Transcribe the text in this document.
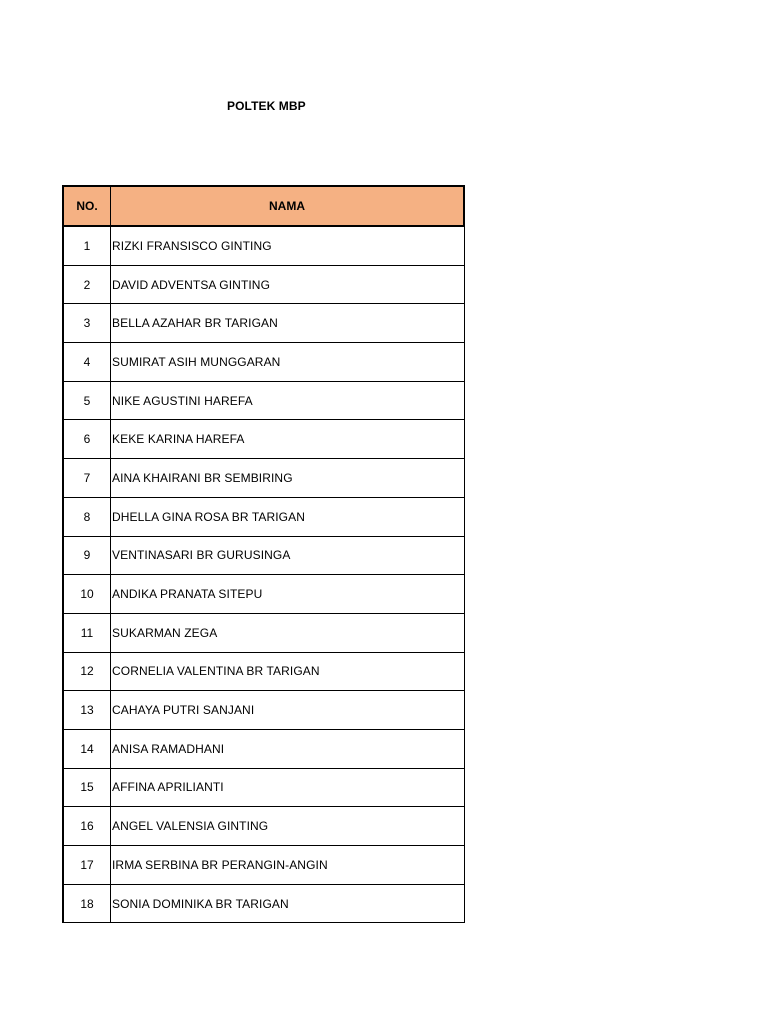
POLTEK MBP
NO.	NAMA
1	RIZKI FRANSISCO GINTING
2	DAVID ADVENTSA GINTING
3	BELLA AZAHAR BR TARIGAN
4	SUMIRAT ASIH MUNGGARAN
5	NIKE AGUSTINI HAREFA
6	KEKE KARINA HAREFA
7	AINA KHAIRANI BR SEMBIRING
8	DHELLA GINA ROSA BR TARIGAN
9	VENTINASARI BR GURUSINGA
10	ANDIKA PRANATA SITEPU
11	SUKARMAN ZEGA
12	CORNELIA VALENTINA BR TARIGAN
13	CAHAYA PUTRI SANJANI
14	ANISA RAMADHANI
15	AFFINA APRILIANTI
16	ANGEL VALENSIA GINTING
17	IRMA SERBINA BR PERANGIN-ANGIN
18	SONIA DOMINIKA BR TARIGAN
